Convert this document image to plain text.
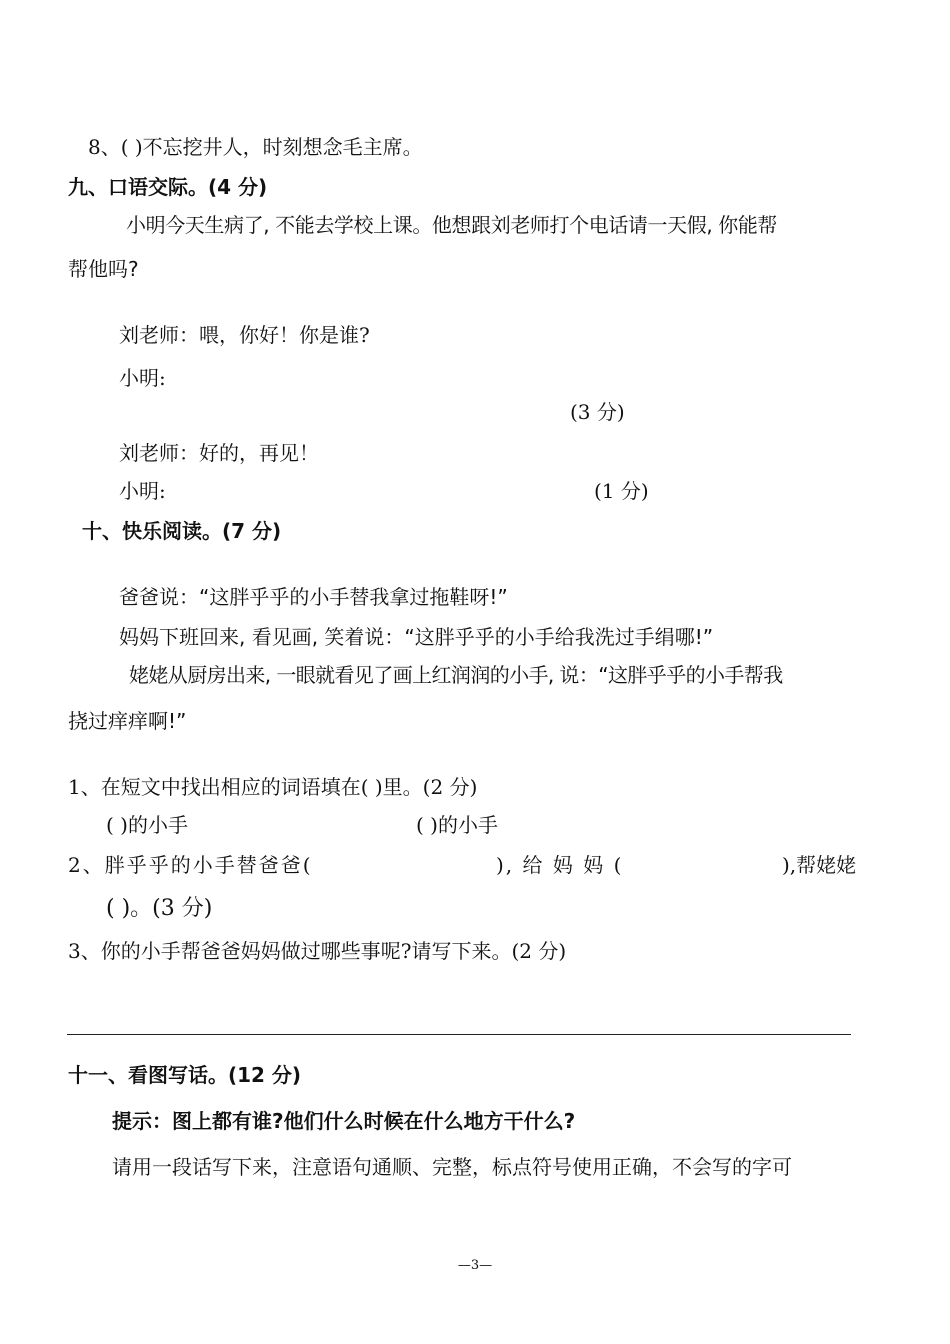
8、( )不忘挖井人，时刻想念毛主席。
九、口语交际。(4 分)
小明今天生病了, 不能去学校上课。他想跟刘老师打个电话请一天假, 你能帮
帮他吗?
刘老师：喂，你好！你是谁?
小明:
(3 分)
刘老师：好的，再见！
小明:	(1 分)
十、快乐阅读。(7 分)
爸爸说：“这胖乎乎的小手替我拿过拖鞋呀!”
妈妈下班回来, 看见画, 笑着说：“这胖乎乎的小手给我洗过手绢哪!”
姥姥从厨房出来, 一眼就看见了画上红润润的小手, 说：“这胖乎乎的小手帮我
挠过痒痒啊!”
1、在短文中找出相应的词语填在( )里。(2 分)
( )的小手	( )的小手
2、胖乎乎的小手替爸爸(	), 给 妈 妈 (	),帮姥姥
( )。(3 分)
3、你的小手帮爸爸妈妈做过哪些事呢?请写下来。(2 分)
十一、看图写话。(12 分)
提示：图上都有谁?他们什么时候在什么地方干什么?
请用一段话写下来，注意语句通顺、完整，标点符号使用正确，不会写的字可
—3—
